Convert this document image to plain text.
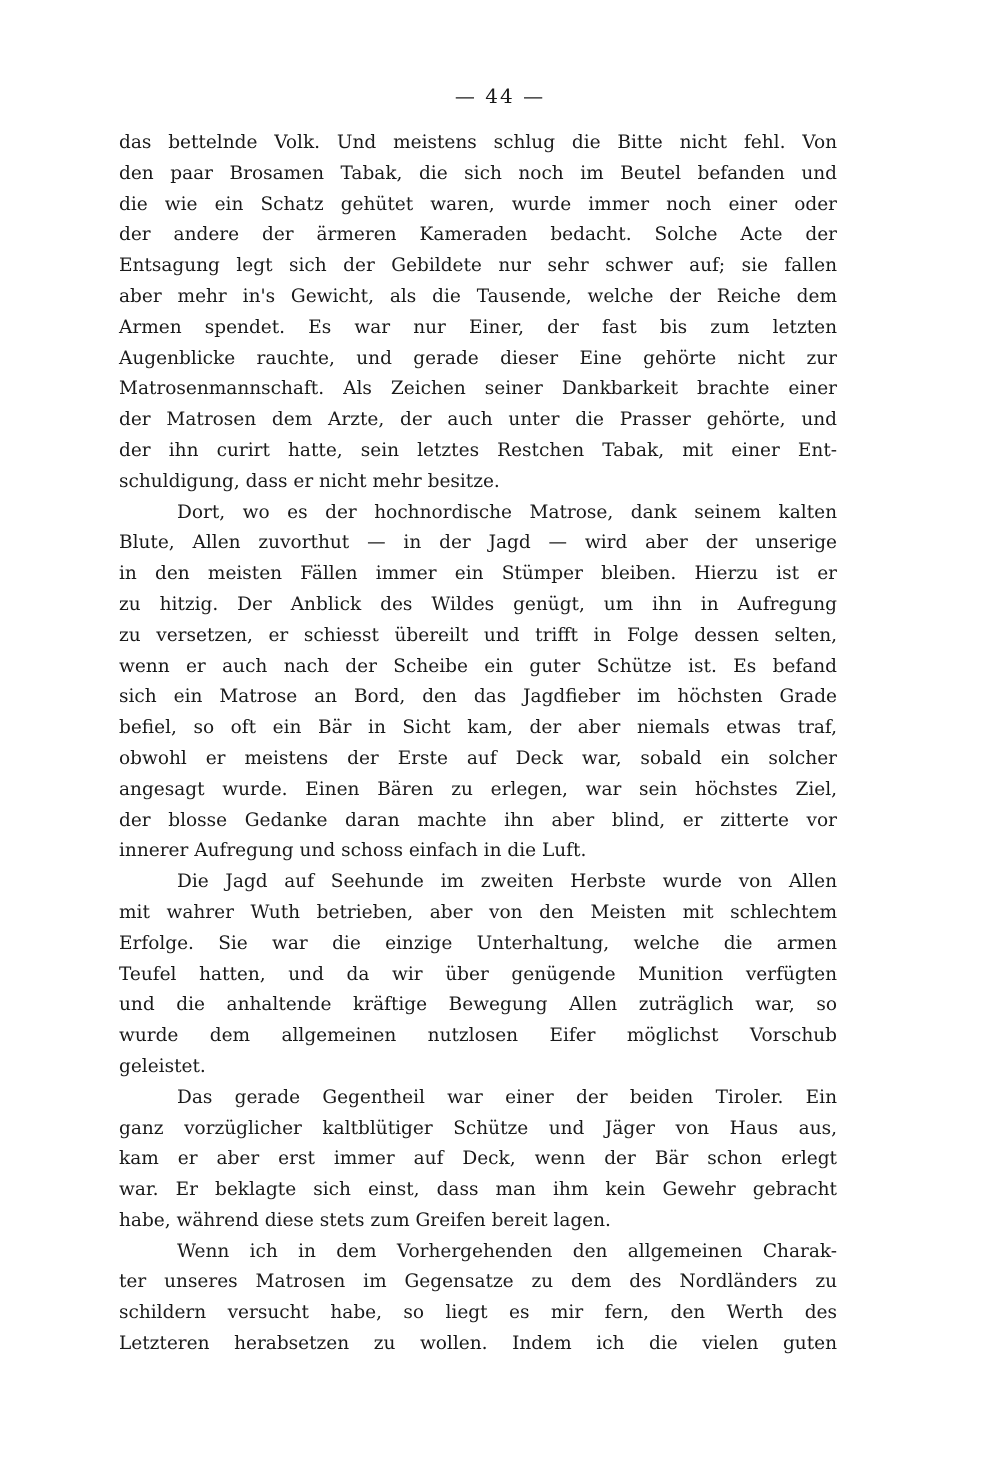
— 44 —
das bettelnde Volk. Und meistens schlug die Bitte nicht fehl. Von
den paar Brosamen Tabak, die sich noch im Beutel befanden und
die wie ein Schatz gehütet waren, wurde immer noch einer oder
der andere der ärmeren Kameraden bedacht. Solche Acte der
Entsagung legt sich der Gebildete nur sehr schwer auf; sie fallen
aber mehr in's Gewicht, als die Tausende, welche der Reiche dem
Armen spendet. Es war nur Einer, der fast bis zum letzten
Augenblicke rauchte, und gerade dieser Eine gehörte nicht zur
Matrosenmannschaft. Als Zeichen seiner Dankbarkeit brachte einer
der Matrosen dem Arzte, der auch unter die Prasser gehörte, und
der ihn curirt hatte, sein letztes Restchen Tabak, mit einer Ent-
schuldigung, dass er nicht mehr besitze.
Dort, wo es der hochnordische Matrose, dank seinem kalten
Blute, Allen zuvorthut — in der Jagd — wird aber der unserige
in den meisten Fällen immer ein Stümper bleiben. Hierzu ist er
zu hitzig. Der Anblick des Wildes genügt, um ihn in Aufregung
zu versetzen, er schiesst übereilt und trifft in Folge dessen selten,
wenn er auch nach der Scheibe ein guter Schütze ist. Es befand
sich ein Matrose an Bord, den das Jagdfieber im höchsten Grade
befiel, so oft ein Bär in Sicht kam, der aber niemals etwas traf,
obwohl er meistens der Erste auf Deck war, sobald ein solcher
angesagt wurde. Einen Bären zu erlegen, war sein höchstes Ziel,
der blosse Gedanke daran machte ihn aber blind, er zitterte vor
innerer Aufregung und schoss einfach in die Luft.
Die Jagd auf Seehunde im zweiten Herbste wurde von Allen
mit wahrer Wuth betrieben, aber von den Meisten mit schlechtem
Erfolge. Sie war die einzige Unterhaltung, welche die armen
Teufel hatten, und da wir über genügende Munition verfügten
und die anhaltende kräftige Bewegung Allen zuträglich war, so
wurde dem allgemeinen nutzlosen Eifer möglichst Vorschub
geleistet.
Das gerade Gegentheil war einer der beiden Tiroler. Ein
ganz vorzüglicher kaltblütiger Schütze und Jäger von Haus aus,
kam er aber erst immer auf Deck, wenn der Bär schon erlegt
war. Er beklagte sich einst, dass man ihm kein Gewehr gebracht
habe, während diese stets zum Greifen bereit lagen.
Wenn ich in dem Vorhergehenden den allgemeinen Charak-
ter unseres Matrosen im Gegensatze zu dem des Nordländers zu
schildern versucht habe, so liegt es mir fern, den Werth des
Letzteren herabsetzen zu wollen. Indem ich die vielen guten
